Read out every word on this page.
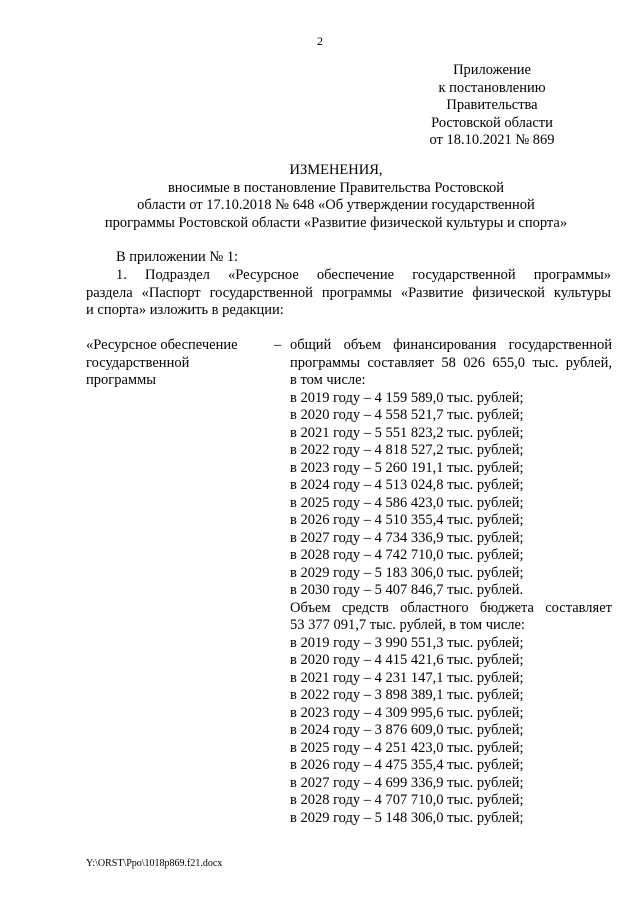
2
Приложение
к постановлению
Правительства
Ростовской области
от 18.10.2021 № 869
ИЗМЕНЕНИЯ,
вносимые в постановление Правительства Ростовской
области от 17.10.2018 № 648 «Об утверждении государственной
программы Ростовской области «Развитие физической культуры и спорта»
В приложении № 1:
1. Подраздел «Ресурсное обеспечение государственной программы»
раздела «Паспорт государственной программы «Развитие физической культуры
и спорта» изложить в редакции:
«Ресурсное обеспечение
государственной
программы
– общий объем финансирования государственной
программы составляет 58 026 655,0 тыс. рублей,
в том числе:
в 2019 году – 4 159 589,0 тыс. рублей;
в 2020 году – 4 558 521,7 тыс. рублей;
в 2021 году – 5 551 823,2 тыс. рублей;
в 2022 году – 4 818 527,2 тыс. рублей;
в 2023 году – 5 260 191,1 тыс. рублей;
в 2024 году – 4 513 024,8 тыс. рублей;
в 2025 году – 4 586 423,0 тыс. рублей;
в 2026 году – 4 510 355,4 тыс. рублей;
в 2027 году – 4 734 336,9 тыс. рублей;
в 2028 году – 4 742 710,0 тыс. рублей;
в 2029 году – 5 183 306,0 тыс. рублей;
в 2030 году – 5 407 846,7 тыс. рублей.
Объем средств областного бюджета составляет
53 377 091,7 тыс. рублей, в том числе:
в 2019 году – 3 990 551,3 тыс. рублей;
в 2020 году – 4 415 421,6 тыс. рублей;
в 2021 году – 4 231 147,1 тыс. рублей;
в 2022 году – 3 898 389,1 тыс. рублей;
в 2023 году – 4 309 995,6 тыс. рублей;
в 2024 году – 3 876 609,0 тыс. рублей;
в 2025 году – 4 251 423,0 тыс. рублей;
в 2026 году – 4 475 355,4 тыс. рублей;
в 2027 году – 4 699 336,9 тыс. рублей;
в 2028 году – 4 707 710,0 тыс. рублей;
в 2029 году – 5 148 306,0 тыс. рублей;
Y:\ORST\Ppo\1018p869.f21.docx
